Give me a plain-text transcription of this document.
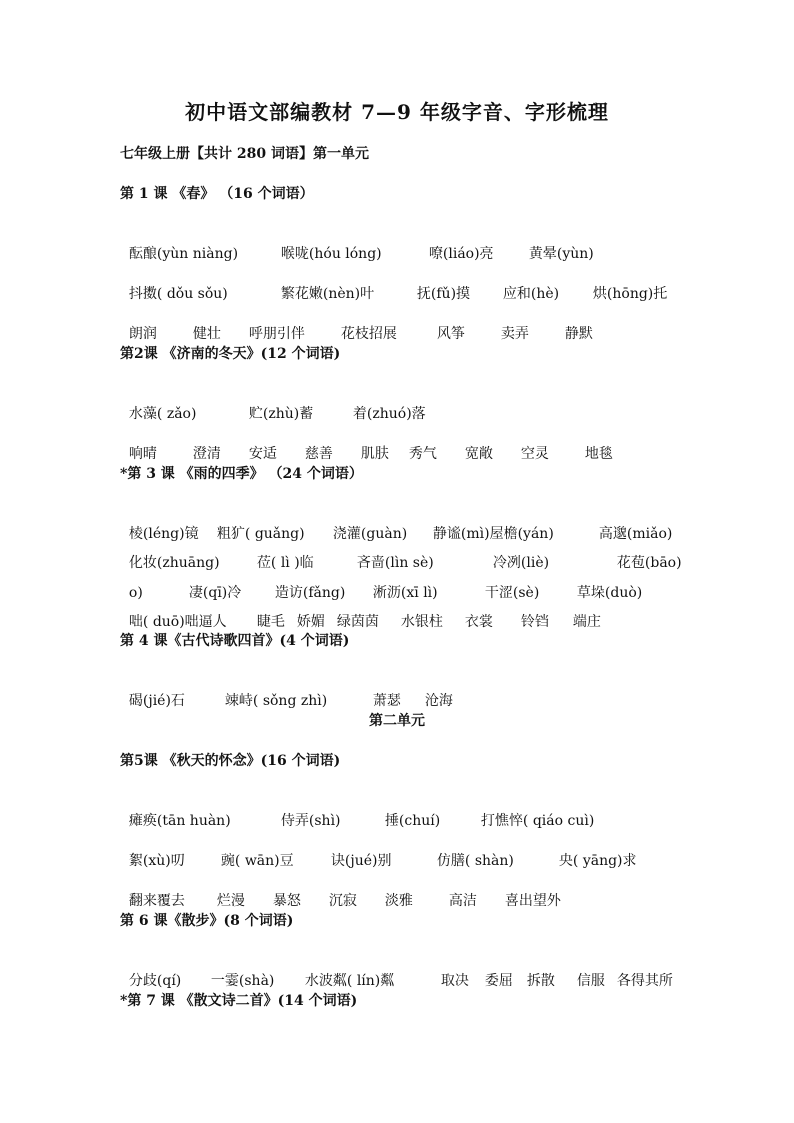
初中语文部编教材 7—9 年级字音、字形梳理
七年级上册【共计 280 词语】第一单元
第 1 课 《春》 （16 个词语）

酝酿(yùn niàng)	喉咙(hóu lóng)	嘹(liáo)亮	黄晕(yùn)

抖擞( dǒu sǒu)	繁花嫩(nèn)叶	抚(fǔ)摸 应和(hè) 烘(hōng)托

朗润	健壮 呼朋引伴	花枝招展	风筝	卖弄	静默

第2课 《济南的冬天》(12 个词语)

水藻( zǎo)	贮(zhù)蓄	着(zhuó)落

响晴	澄清 安适 慈善 肌肤 秀气 宽敞 空灵	地毯

*第 3 课 《雨的四季》 （24 个词语）

棱(léng)镜 粗犷( guǎng) 浇灌(guàn) 静谧(mì)屋檐(yán)	高邈(miǎo)

化妆(zhuāng)	莅( lì )临	吝啬(lìn sè)	冷冽(liè)	花苞(bāo)

o)	凄(qī)冷 造访(fǎng) 淅沥(xī lì)	干涩(sè)	草垛(duò)

咄( duō)咄逼人 睫毛 娇媚 绿茵茵 水银柱 衣裳 铃铛 端庄

第 4 课《古代诗歌四首》(4 个词语)

碣(jié)石	竦峙( sǒng zhì)	萧瑟 沧海

第二单元
第5课 《秋天的怀念》(16 个词语)

瘫痪(tān huàn)	侍弄(shì)	捶(chuí)	打憔悴( qiáo cuì)

絮(xù)叨	豌( wān)豆	诀(jué)别	仿膳( shàn)	央( yāng)求

翻来覆去 烂漫 暴怒 沉寂 淡雅	高洁 喜出望外

第 6 课《散步》(8 个词语)

分歧(qí) 一霎(shà) 水波粼( lín)粼	取决 委屈 拆散 信服 各得其所

*第 7 课 《散文诗二首》(14 个词语)
